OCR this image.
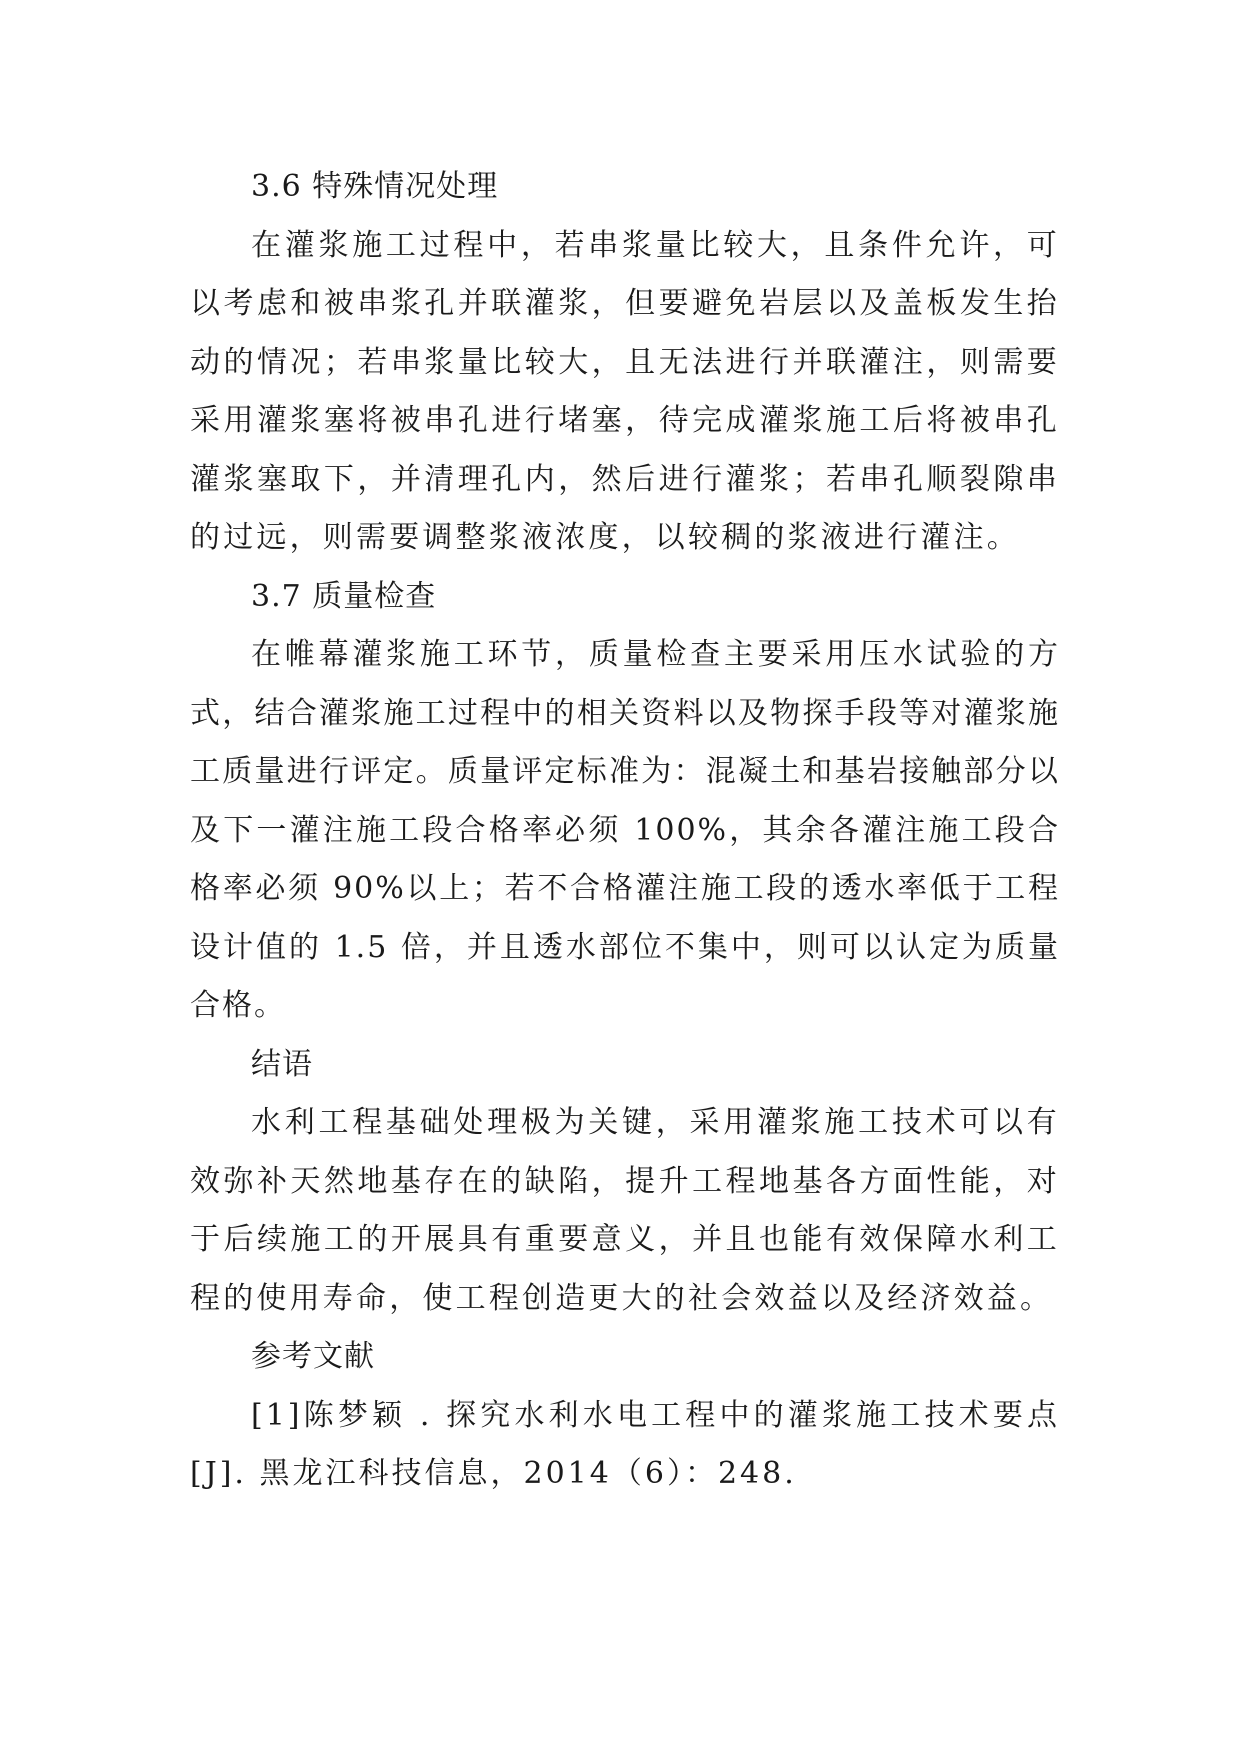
3.6 特殊情况处理

在灌浆施工过程中，若串浆量比较大，且条件允许，可以考虑和被串浆孔并联灌浆，但要避免岩层以及盖板发生抬动的情况；若串浆量比较大，且无法进行并联灌注，则需要采用灌浆塞将被串孔进行堵塞，待完成灌浆施工后将被串孔灌浆塞取下，并清理孔内，然后进行灌浆；若串孔顺裂隙串的过远，则需要调整浆液浓度，以较稠的浆液进行灌注。

3.7 质量检查

在帷幕灌浆施工环节，质量检查主要采用压水试验的方式，结合灌浆施工过程中的相关资料以及物探手段等对灌浆施工质量进行评定。质量评定标准为：混凝土和基岩接触部分以及下一灌注施工段合格率必须 100%，其余各灌注施工段合格率必须 90%以上；若不合格灌注施工段的透水率低于工程设计值的 1.5 倍，并且透水部位不集中，则可以认定为质量合格。

结语

水利工程基础处理极为关键，采用灌浆施工技术可以有效弥补天然地基存在的缺陷，提升工程地基各方面性能，对于后续施工的开展具有重要意义，并且也能有效保障水利工程的使用寿命，使工程创造更大的社会效益以及经济效益。

参考文献

[1]陈梦颖 . 探究水利水电工程中的灌浆施工技术要点 [J]. 黑龙江科技信息，2014（6）：248.
